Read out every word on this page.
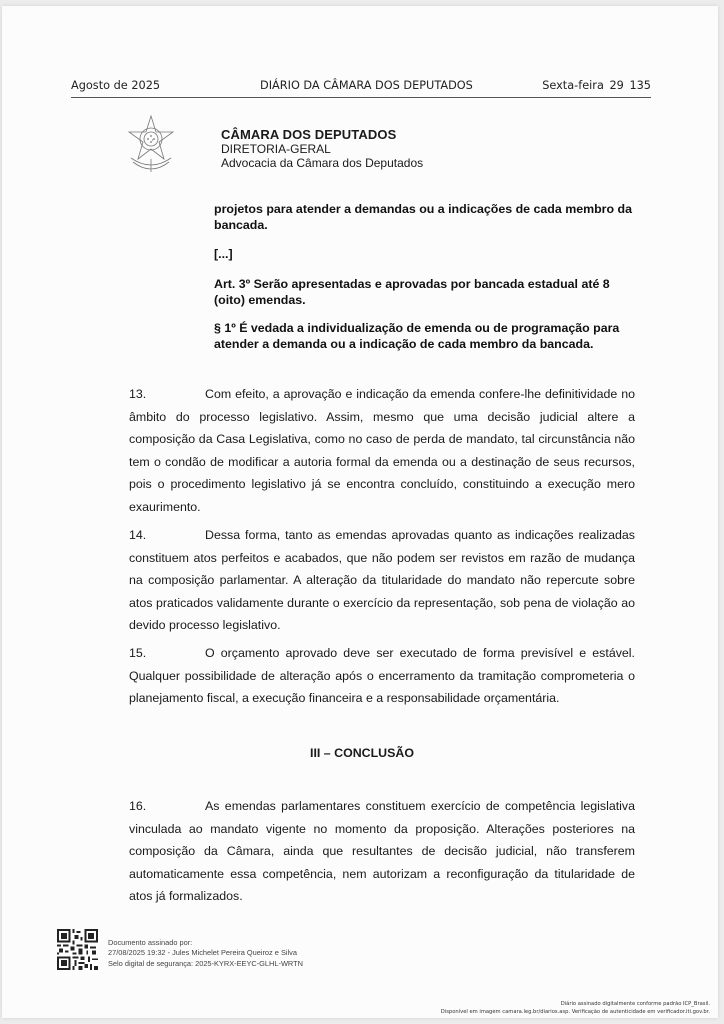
Agosto de 2025	DIÁRIO DA CÂMARA DOS DEPUTADOS	Sexta-feira 29 135
CÂMARA DOS DEPUTADOS
DIRETORIA-GERAL
Advocacia da Câmara dos Deputados
projetos para atender a demandas ou a indicações de cada membro da bancada.
[...]
Art. 3º Serão apresentadas e aprovadas por bancada estadual até 8 (oito) emendas.
§ 1º É vedada a individualização de emenda ou de programação para atender a demanda ou a indicação de cada membro da bancada.
13.	Com efeito, a aprovação e indicação da emenda confere-lhe definitividade no âmbito do processo legislativo. Assim, mesmo que uma decisão judicial altere a composição da Casa Legislativa, como no caso de perda de mandato, tal circunstância não tem o condão de modificar a autoria formal da emenda ou a destinação de seus recursos, pois o procedimento legislativo já se encontra concluído, constituindo a execução mero exaurimento.
14.	Dessa forma, tanto as emendas aprovadas quanto as indicações realizadas constituem atos perfeitos e acabados, que não podem ser revistos em razão de mudança na composição parlamentar. A alteração da titularidade do mandato não repercute sobre atos praticados validamente durante o exercício da representação, sob pena de violação ao devido processo legislativo.
15.	O orçamento aprovado deve ser executado de forma previsível e estável. Qualquer possibilidade de alteração após o encerramento da tramitação comprometeria o planejamento fiscal, a execução financeira e a responsabilidade orçamentária.
III – CONCLUSÃO
16.	As emendas parlamentares constituem exercício de competência legislativa vinculada ao mandato vigente no momento da proposição. Alterações posteriores na composição da Câmara, ainda que resultantes de decisão judicial, não transferem automaticamente essa competência, nem autorizam a reconfiguração da titularidade de atos já formalizados.
Documento assinado por:
27/08/2025 19:32 - Jules Michelet Pereira Queiroz e Silva
Selo digital de segurança: 2025-KYRX-EEYC-GLHL-WRTN
Diário assinado digitalmente conforme padrão ICP_Brasil.
Disponível em imagem camara.leg.br/diarios.asp. Verificação de autenticidade em verificador.iti.gov.br.
